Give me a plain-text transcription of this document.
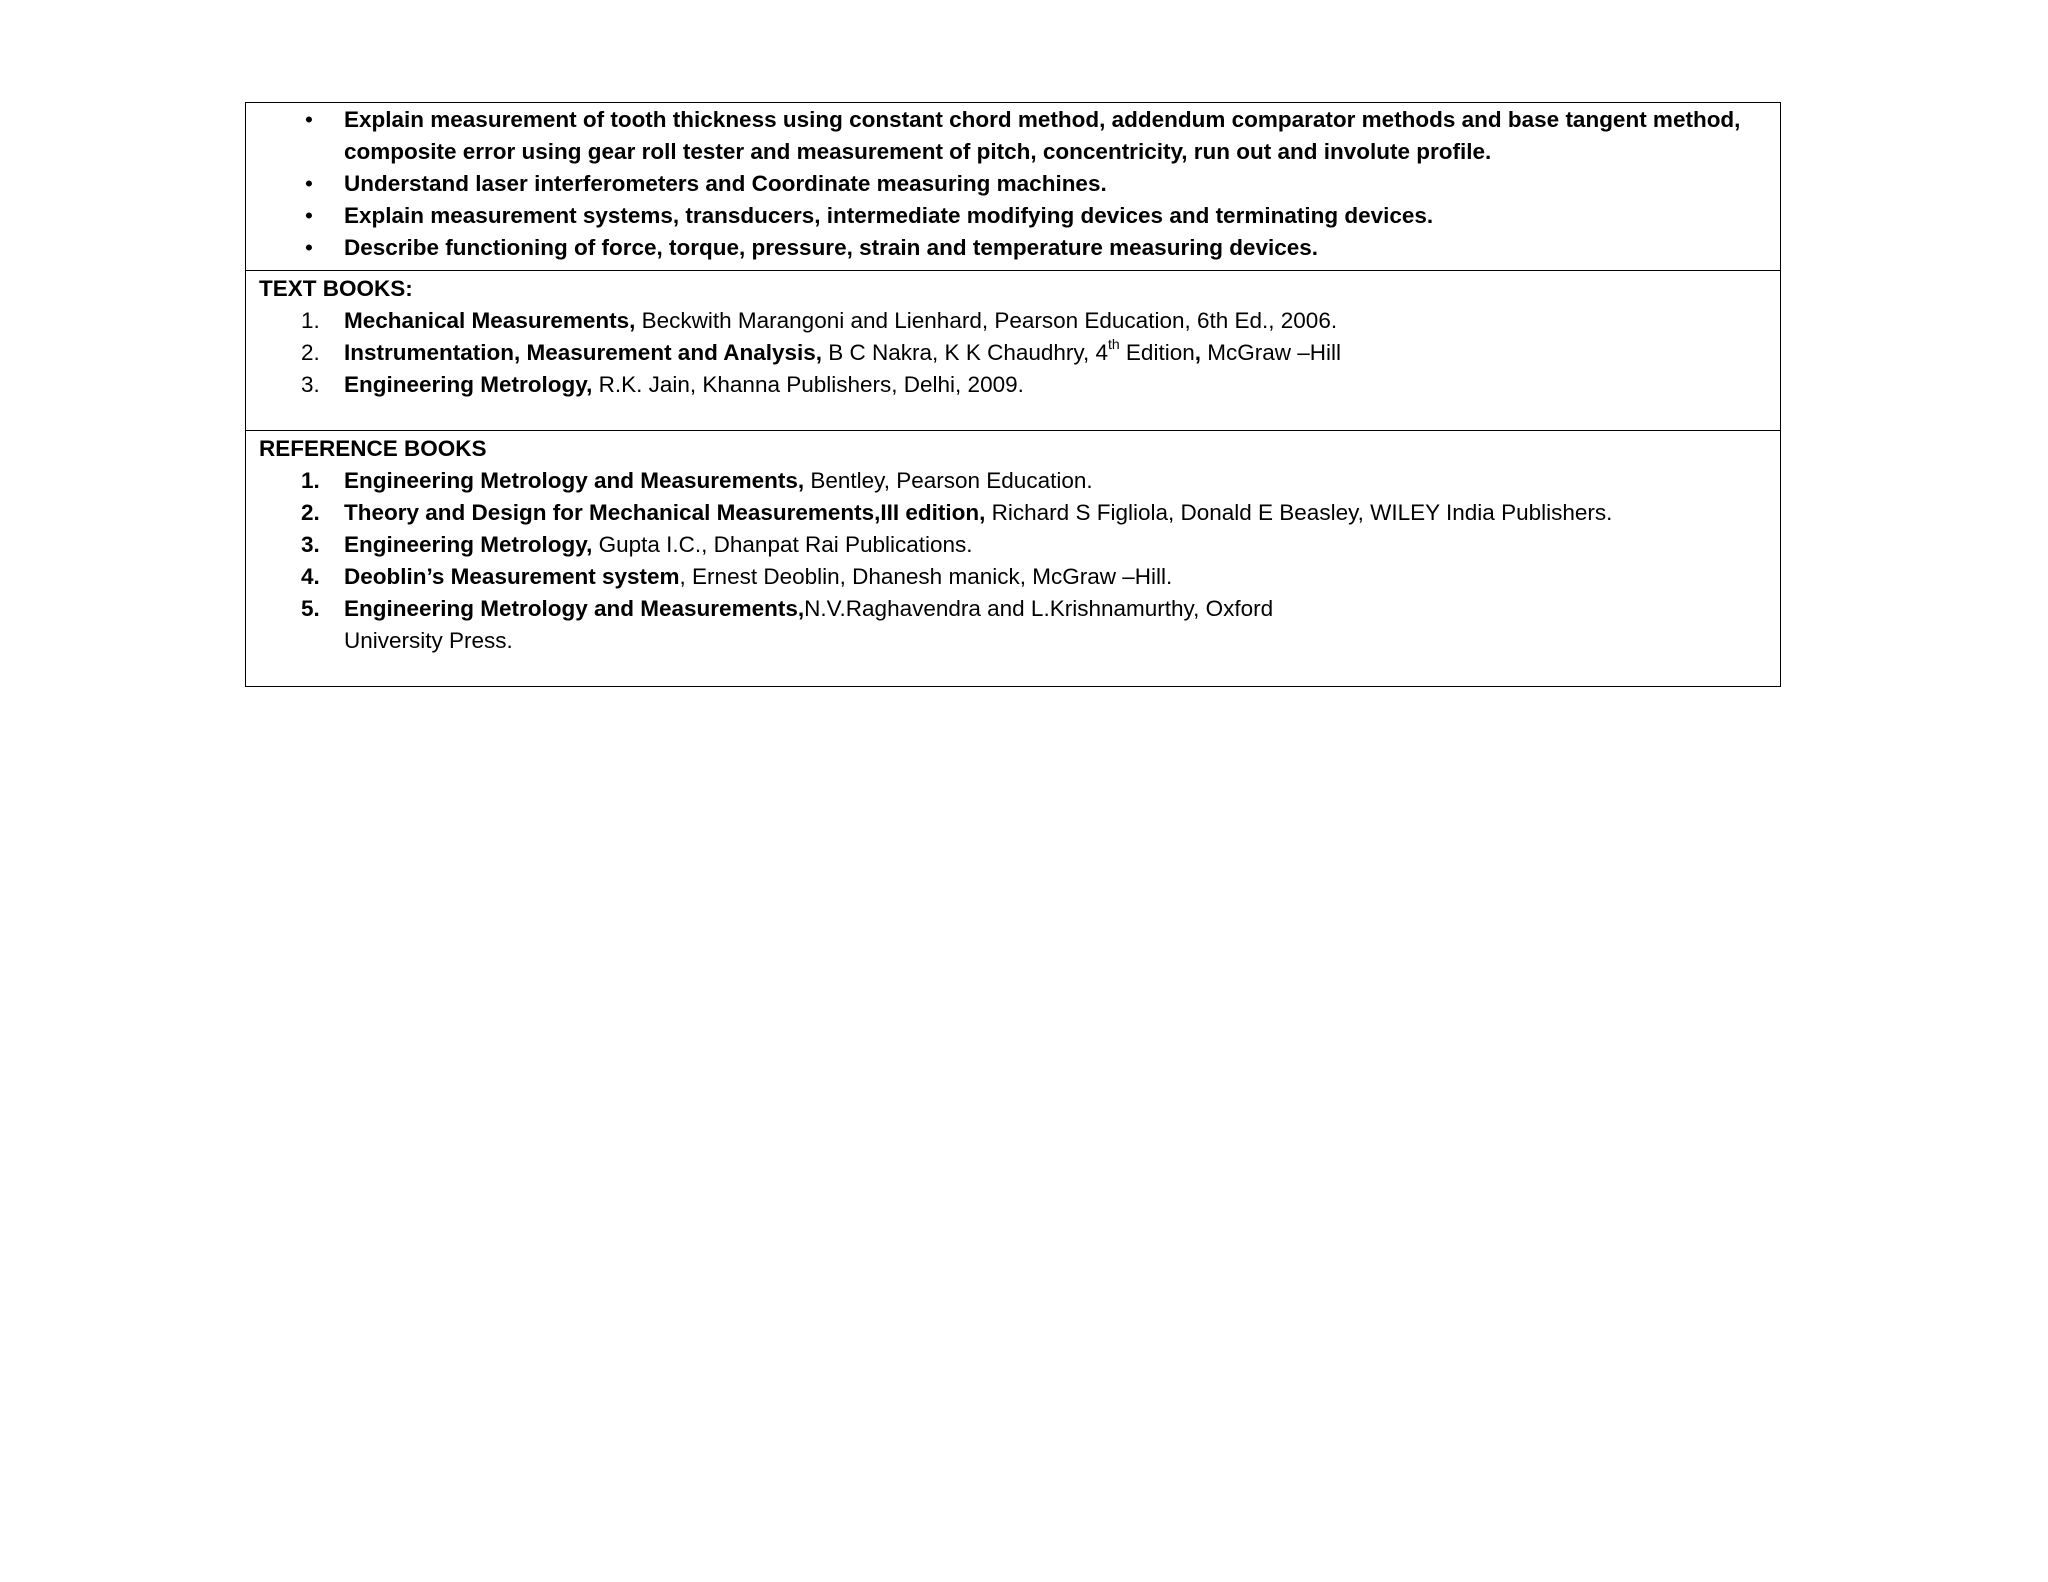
• Explain measurement of tooth thickness using constant chord method, addendum comparator methods and base tangent method, composite error using gear roll tester and measurement of pitch, concentricity, run out and involute profile.
• Understand laser interferometers and Coordinate measuring machines.
• Explain measurement systems, transducers, intermediate modifying devices and terminating devices.
• Describe functioning of force, torque, pressure, strain and temperature measuring devices.

TEXT BOOKS:

1. Mechanical Measurements, Beckwith Marangoni and Lienhard, Pearson Education, 6th Ed., 2006.
2. Instrumentation, Measurement and Analysis, B C Nakra, K K Chaudhry, 4th Edition, McGraw –Hill
3. Engineering Metrology, R.K. Jain, Khanna Publishers, Delhi, 2009.

REFERENCE BOOKS

1. Engineering Metrology and Measurements, Bentley, Pearson Education.
2. Theory and Design for Mechanical Measurements,III edition, Richard S Figliola, Donald E Beasley, WILEY India Publishers.
3. Engineering Metrology, Gupta I.C., Dhanpat Rai Publications.
4. Deoblin’s Measurement system, Ernest Deoblin, Dhanesh manick, McGraw –Hill.
5. Engineering Metrology and Measurements,N.V.Raghavendra and L.Krishnamurthy, Oxford University Press.
